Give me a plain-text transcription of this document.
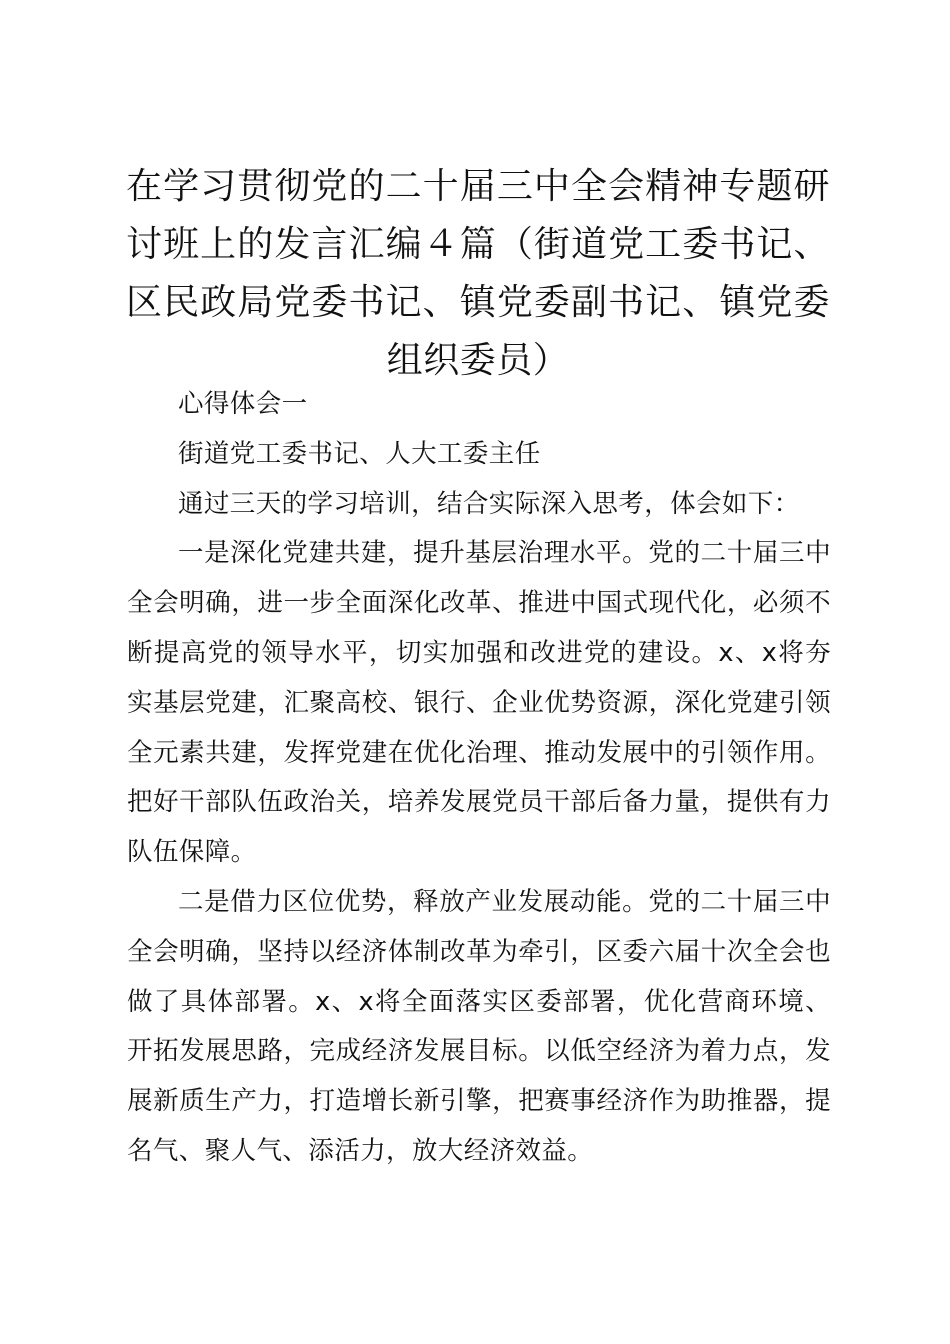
在学习贯彻党的二十届三中全会精神专题研讨班上的发言汇编４篇（街道党工委书记、区民政局党委书记、镇党委副书记、镇党委组织委员）

心得体会一

街道党工委书记、人大工委主任

通过三天的学习培训，结合实际深入思考，体会如下：

一是深化党建共建，提升基层治理水平。党的二十届三中全会明确，进一步全面深化改革、推进中国式现代化，必须不断提高党的领导水平，切实加强和改进党的建设。x、x将夯实基层党建，汇聚高校、银行、企业优势资源，深化党建引领全元素共建，发挥党建在优化治理、推动发展中的引领作用。把好干部队伍政治关，培养发展党员干部后备力量，提供有力队伍保障。

二是借力区位优势，释放产业发展动能。党的二十届三中全会明确，坚持以经济体制改革为牵引，区委六届十次全会也做了具体部署。x、x将全面落实区委部署，优化营商环境、开拓发展思路，完成经济发展目标。以低空经济为着力点，发展新质生产力，打造增长新引擎，把赛事经济作为助推器，提名气、聚人气、添活力，放大经济效益。
